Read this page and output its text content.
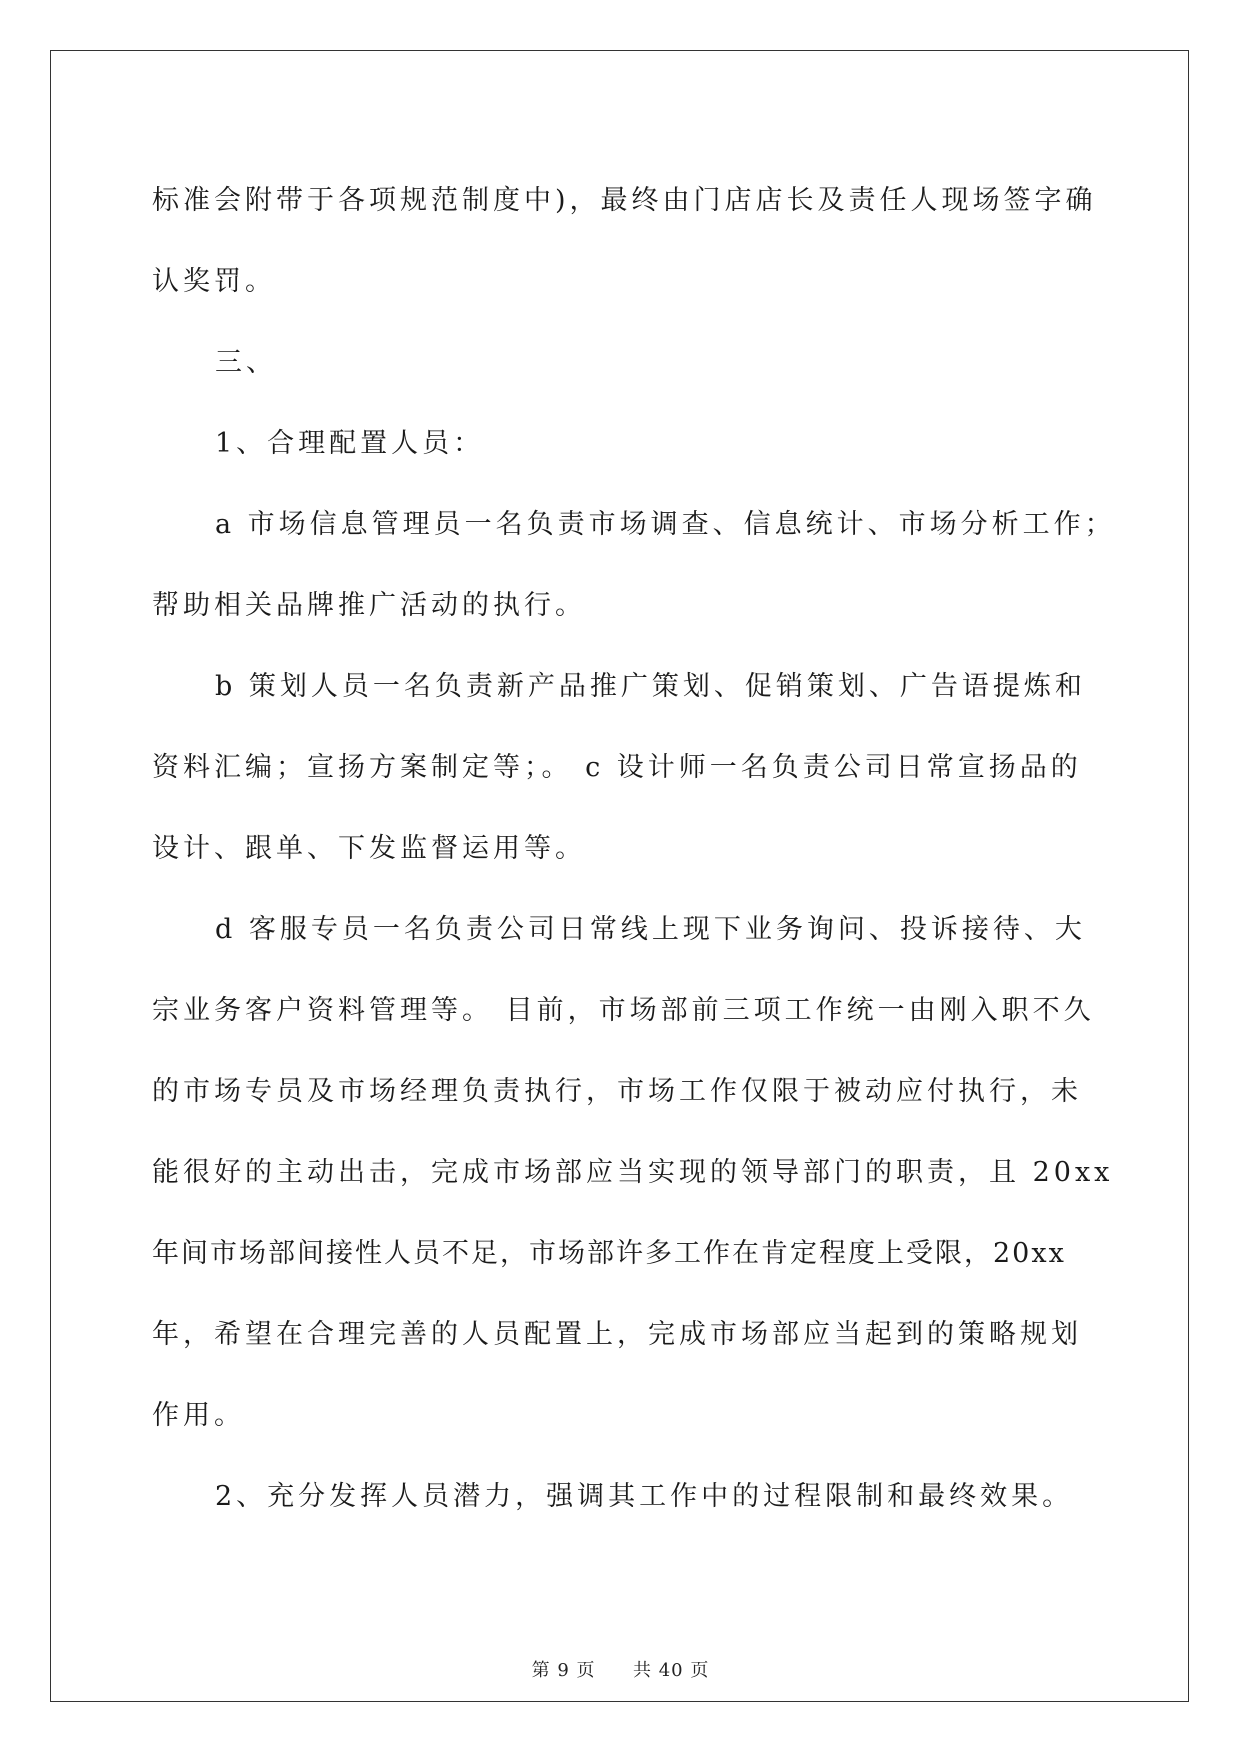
标准会附带于各项规范制度中)，最终由门店店长及责任人现场签字确
认奖罚。

三、

1、合理配置人员：

a 市场信息管理员一名负责市场调查、信息统计、市场分析工作；
帮助相关品牌推广活动的执行。

b 策划人员一名负责新产品推广策划、促销策划、广告语提炼和
资料汇编；宣扬方案制定等；。 c 设计师一名负责公司日常宣扬品的
设计、跟单、下发监督运用等。

d 客服专员一名负责公司日常线上现下业务询问、投诉接待、大
宗业务客户资料管理等。 目前，市场部前三项工作统一由刚入职不久
的市场专员及市场经理负责执行，市场工作仅限于被动应付执行，未
能很好的主动出击，完成市场部应当实现的领导部门的职责，且 20xx
年间市场部间接性人员不足，市场部许多工作在肯定程度上受限，20xx
年，希望在合理完善的人员配置上，完成市场部应当起到的策略规划
作用。

2、充分发挥人员潜力，强调其工作中的过程限制和最终效果。

第 9 页 共 40 页
